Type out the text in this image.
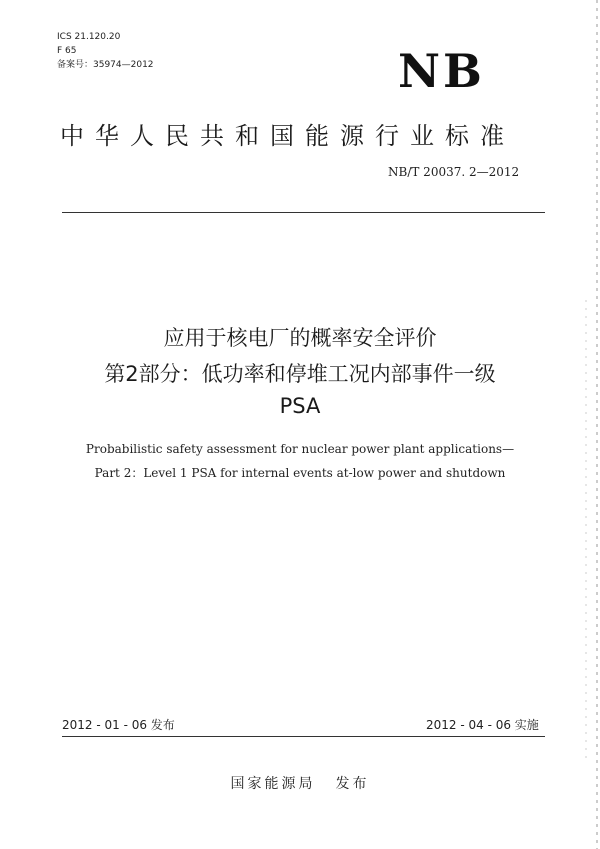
ICS 21.120.20
F 65
备案号：35974—2012	NB
中华人民共和国能源行业标准
NB/T 20037. 2—2012
应用于核电厂的概率安全评价
第2部分：低功率和停堆工况内部事件一级
PSA
Probabilistic safety assessment for nuclear power plant applications—
Part 2：Level 1 PSA for internal events at-low power and shutdown
2012 - 01 - 06 发布	2012 - 04 - 06 实施
国家能源局 发布
